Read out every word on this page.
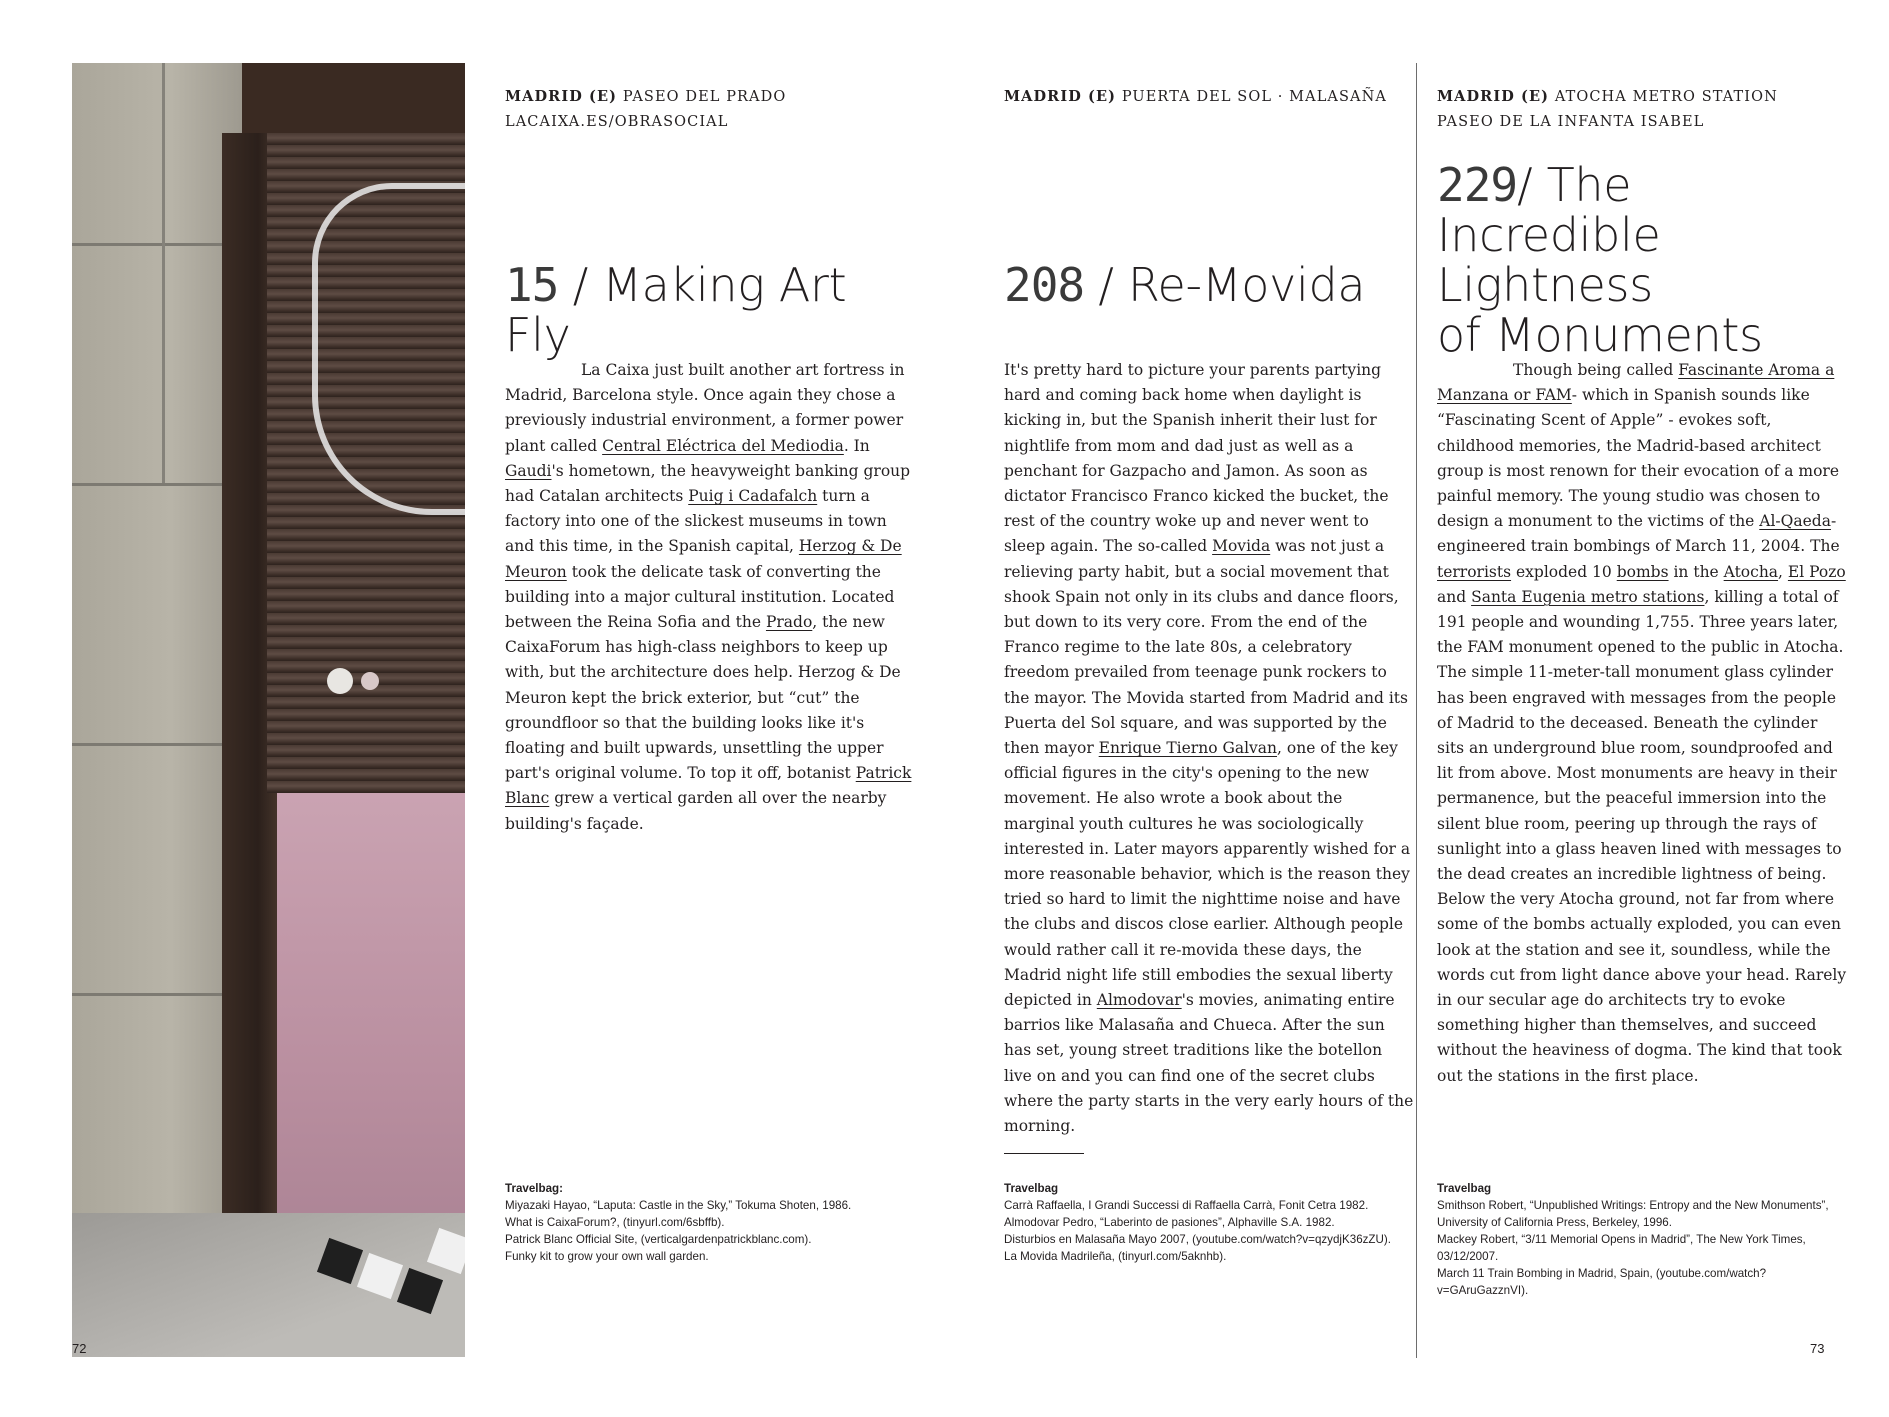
MADRID (E) PASEO DEL PRADO
LACAIXA.ES/OBRASOCIAL

15 / Making Art Fly

La Caixa just built another art fortress in Madrid, Barcelona style. Once again they chose a previously industrial environment, a former power plant called Central Eléctrica del Mediodia. In Gaudi's hometown, the heavyweight banking group had Catalan architects Puig i Cadafalch turn a factory into one of the slickest museums in town and this time, in the Spanish capital, Herzog & De Meuron took the delicate task of converting the building into a major cultural institution. Located between the Reina Sofia and the Prado, the new CaixaForum has high-class neighbors to keep up with, but the architecture does help. Herzog & De Meuron kept the brick exterior, but “cut” the groundfloor so that the building looks like it's floating and built upwards, unsettling the upper part's original volume. To top it off, botanist Patrick Blanc grew a vertical garden all over the nearby building's façade.

Travelbag:
Miyazaki Hayao, “Laputa: Castle in the Sky,” Tokuma Shoten, 1986.
What is CaixaForum?, (tinyurl.com/6sbffb).
Patrick Blanc Official Site, (verticalgardenpatrickblanc.com).
Funky kit to grow your own wall garden.

MADRID (E) PUERTA DEL SOL · MALASAÑA

208 / Re-Movida

It's pretty hard to picture your parents partying hard and coming back home when daylight is kicking in, but the Spanish inherit their lust for nightlife from mom and dad just as well as a penchant for Gazpacho and Jamon. As soon as dictator Francisco Franco kicked the bucket, the rest of the country woke up and never went to sleep again. The so-called Movida was not just a relieving party habit, but a social movement that shook Spain not only in its clubs and dance floors, but down to its very core. From the end of the Franco regime to the late 80s, a celebratory freedom prevailed from teenage punk rockers to the mayor. The Movida started from Madrid and its Puerta del Sol square, and was supported by the then mayor Enrique Tierno Galvan, one of the key official figures in the city's opening to the new movement. He also wrote a book about the marginal youth cultures he was sociologically interested in. Later mayors apparently wished for a more reasonable behavior, which is the reason they tried so hard to limit the nighttime noise and have the clubs and discos close earlier. Although people would rather call it re-movida these days, the Madrid night life still embodies the sexual liberty depicted in Almodovar's movies, animating entire barrios like Malasaña and Chueca. After the sun has set, young street traditions like the botellon live on and you can find one of the secret clubs where the party starts in the very early hours of the morning.

Travelbag
Carrà Raffaella, I Grandi Successi di Raffaella Carrà, Fonit Cetra 1982.
Almodovar Pedro, “Laberinto de pasiones”, Alphaville S.A. 1982.
Disturbios en Malasaña Mayo 2007, (youtube.com/watch?v=qzydjK36zZU).
La Movida Madrileña, (tinyurl.com/5aknhb).

MADRID (E) ATOCHA METRO STATION
PASEO DE LA INFANTA ISABEL

229/ The Incredible
Lightness
of Monuments

Though being called Fascinante Aroma a Manzana or FAM- which in Spanish sounds like “Fascinating Scent of Apple” - evokes soft, childhood memories, the Madrid-based architect group is most renown for their evocation of a more painful memory. The young studio was chosen to design a monument to the victims of the Al-Qaeda-engineered train bombings of March 11, 2004. The terrorists exploded 10 bombs in the Atocha, El Pozo and Santa Eugenia metro stations, killing a total of 191 people and wounding 1,755. Three years later, the FAM monument opened to the public in Atocha. The simple 11-meter-tall monument glass cylinder has been engraved with messages from the people of Madrid to the deceased. Beneath the cylinder sits an underground blue room, soundproofed and lit from above. Most monuments are heavy in their permanence, but the peaceful immersion into the silent blue room, peering up through the rays of sunlight into a glass heaven lined with messages to the dead creates an incredible lightness of being. Below the very Atocha ground, not far from where some of the bombs actually exploded, you can even look at the station and see it, soundless, while the words cut from light dance above your head. Rarely in our secular age do architects try to evoke something higher than themselves, and succeed without the heaviness of dogma. The kind that took out the stations in the first place.

Travelbag
Smithson Robert, “Unpublished Writings: Entropy and the New Monuments”, University of California Press, Berkeley, 1996.
Mackey Robert, “3/11 Memorial Opens in Madrid”, The New York Times, 03/12/2007.
March 11 Train Bombing in Madrid, Spain, (youtube.com/watch?v=GAruGazznVI).

72	73
